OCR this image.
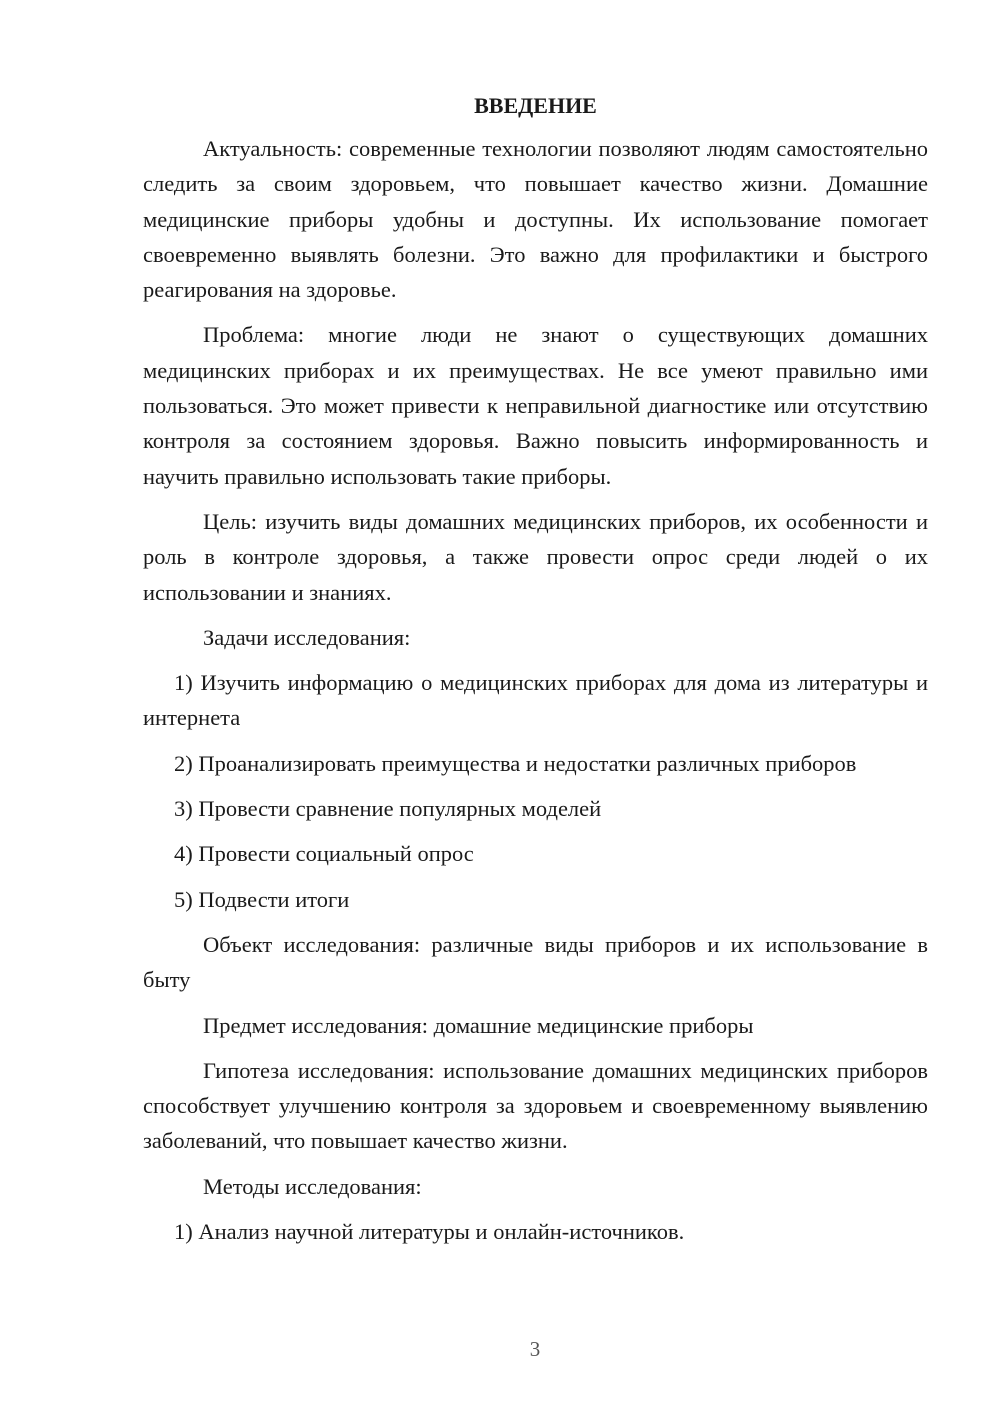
ВВЕДЕНИЕ

Актуальность: современные технологии позволяют людям самостоятельно следить за своим здоровьем, что повышает качество жизни. Домашние медицинские приборы удобны и доступны. Их использование помогает своевременно выявлять болезни. Это важно для профилактики и быстрого реагирования на здоровье.

Проблема: многие люди не знают о существующих домашних медицинских приборах и их преимуществах. Не все умеют правильно ими пользоваться. Это может привести к неправильной диагностике или отсутствию контроля за состоянием здоровья. Важно повысить информированность и научить правильно использовать такие приборы.

Цель: изучить виды домашних медицинских приборов, их особенности и роль в контроле здоровья, а также провести опрос среди людей о их использовании и знаниях.

Задачи исследования:

1) Изучить информацию о медицинских приборах для дома из литературы и интернета

2) Проанализировать преимущества и недостатки различных приборов

3) Провести сравнение популярных моделей

4) Провести социальный опрос

5) Подвести итоги

Объект исследования: различные виды приборов и их использование в быту

Предмет исследования: домашние медицинские приборы

Гипотеза исследования: использование домашних медицинских приборов способствует улучшению контроля за здоровьем и своевременному выявлению заболеваний, что повышает качество жизни.

Методы исследования:

1) Анализ научной литературы и онлайн-источников.

3
